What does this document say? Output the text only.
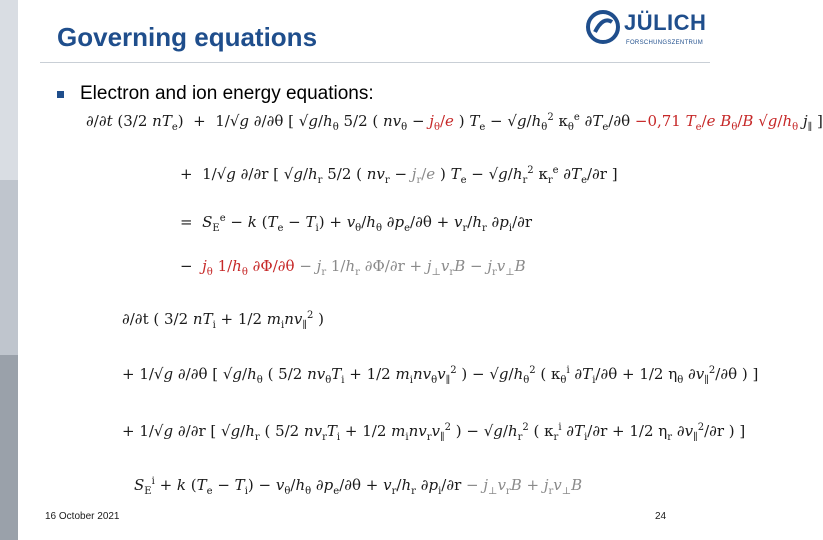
Governing equations	JÜLICH
FORSCHUNGSZENTRUM
Electron and ion energy equations:
∂/∂t (3/2 $nT_e) + 1/√g$ ∂/∂θ [ $√g/h_\theta$ 5/2 ( $nv_\theta - j_\theta/e$ ) $T_e - √g/h_\theta^2$ $\kappa_\theta^e$ $\partial T_e/\partial\theta -0,71$ $T_e/e$ $B_\theta/B$ $√g/h_\theta$ $j_\parallel$ ]
+  1/√g ∂/∂r [ $√g/h_r$ 5/2 ( $nv_r - j_r/e$ ) $T_e - √g/h_r^2$ $\kappa_r^e$ $\partial T_e/\partial r$ ]
=  $S_E^e - k$ $(T_e - T_i) + v_\theta/h_\theta$ $\partial p_e/\partial\theta + v_r/h_r$ $\partial p_i/\partial r$
−  $j_\theta$ $1/h_\theta$ $\partial\Phi/\partial\theta - j_r$ $1/h_r$ $\partial\Phi/\partial r + j_\perp v_rB - j_rv_\perp B$
∂/∂t ( 3/2 $nT_i + 1/2$ $m_inv_\parallel^2$ )
+ 1/√g ∂/∂θ [ $√g/h_\theta$ ( 5/2 $nv_\theta T_i + 1/2$ $m_inv_\theta v_\parallel^2$ ) − $√g/h_\theta^2$ ( $\kappa_\theta^i$ $\partial T_i/\partial\theta + 1/2$ $\eta_\theta$ $\partial v_\parallel^2/\partial\theta$ ) ]
+ 1/√g ∂/∂r [ $√g/h_r$ ( 5/2 $nv_rT_i + 1/2$ $m_inv_rv_\parallel^2$ ) − $√g/h_r^2$ ( $\kappa_r^i$ $\partial T_i/\partial r + 1/2$ $\eta_r$ $\partial v_\parallel^2/\partial r$ ) ]
$S_E^i + k$ $(T_e - T_i) - v_\theta/h_\theta$ $\partial p_e/\partial\theta + v_r/h_r$ $\partial p_i/\partial r - j_\perp v_rB + j_rv_\perp B$
16 October 2021	24
